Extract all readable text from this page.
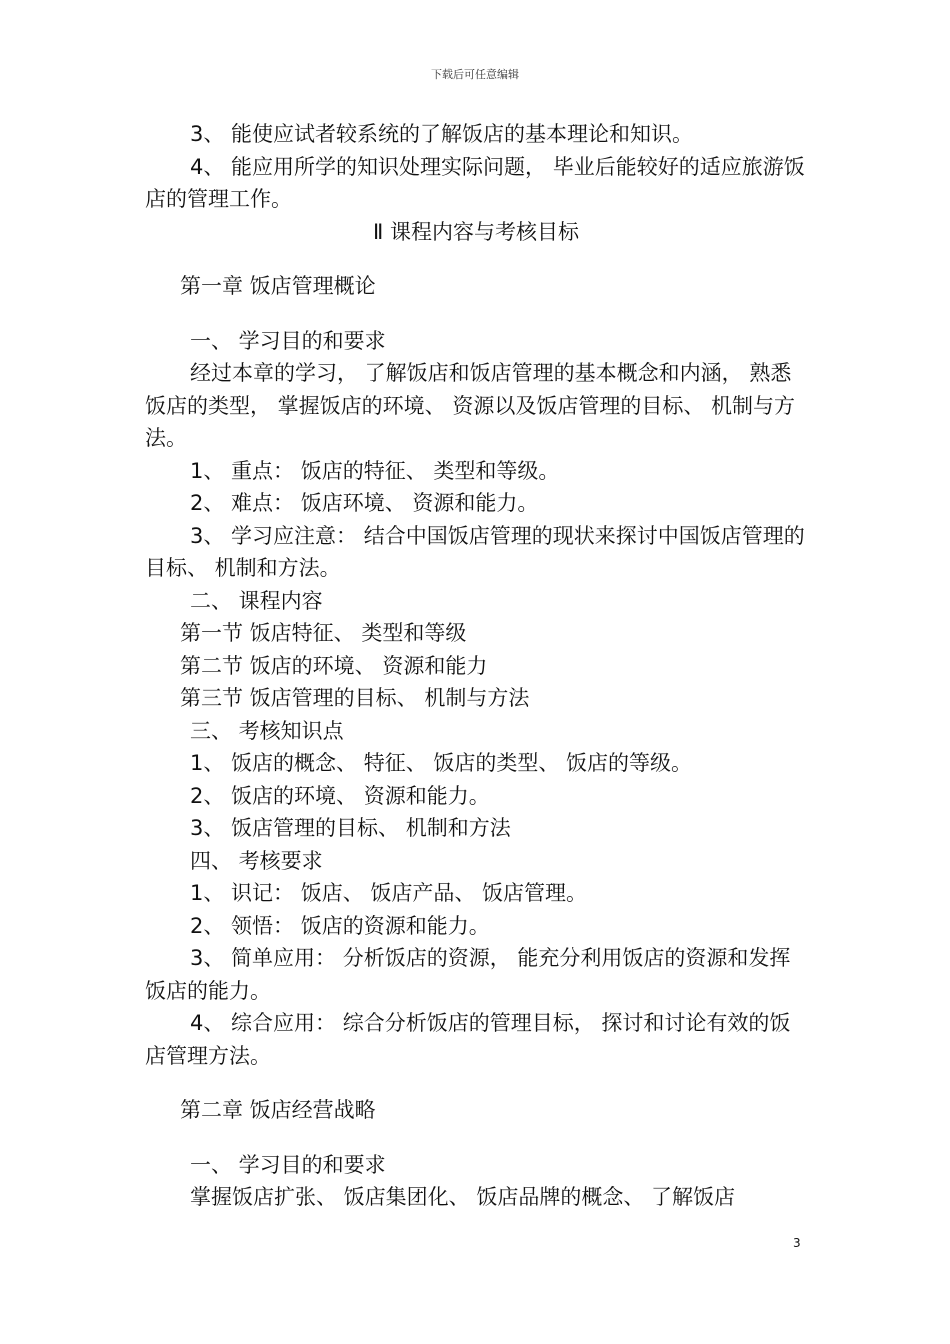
下载后可任意编辑
3、 能使应试者较系统的了解饭店的基本理论和知识。
4、 能应用所学的知识处理实际问题， 毕业后能较好的适应旅游饭店的管理工作。
Ⅱ 课程内容与考核目标
第一章 饭店管理概论
一、 学习目的和要求
经过本章的学习， 了解饭店和饭店管理的基本概念和内涵， 熟悉饭店的类型， 掌握饭店的环境、 资源以及饭店管理的目标、 机制与方法。
1、 重点： 饭店的特征、 类型和等级。
2、 难点： 饭店环境、 资源和能力。
3、 学习应注意： 结合中国饭店管理的现状来探讨中国饭店管理的目标、 机制和方法。
二、 课程内容
第一节 饭店特征、 类型和等级
第二节 饭店的环境、 资源和能力
第三节 饭店管理的目标、 机制与方法
三、 考核知识点
1、 饭店的概念、 特征、 饭店的类型、 饭店的等级。
2、 饭店的环境、 资源和能力。
3、 饭店管理的目标、 机制和方法
四、 考核要求
1、 识记： 饭店、 饭店产品、 饭店管理。
2、 领悟： 饭店的资源和能力。
3、 简单应用： 分析饭店的资源， 能充分利用饭店的资源和发挥饭店的能力。
4、 综合应用： 综合分析饭店的管理目标， 探讨和讨论有效的饭店管理方法。
第二章 饭店经营战略
一、 学习目的和要求
掌握饭店扩张、 饭店集团化、 饭店品牌的概念、 了解饭店
3
